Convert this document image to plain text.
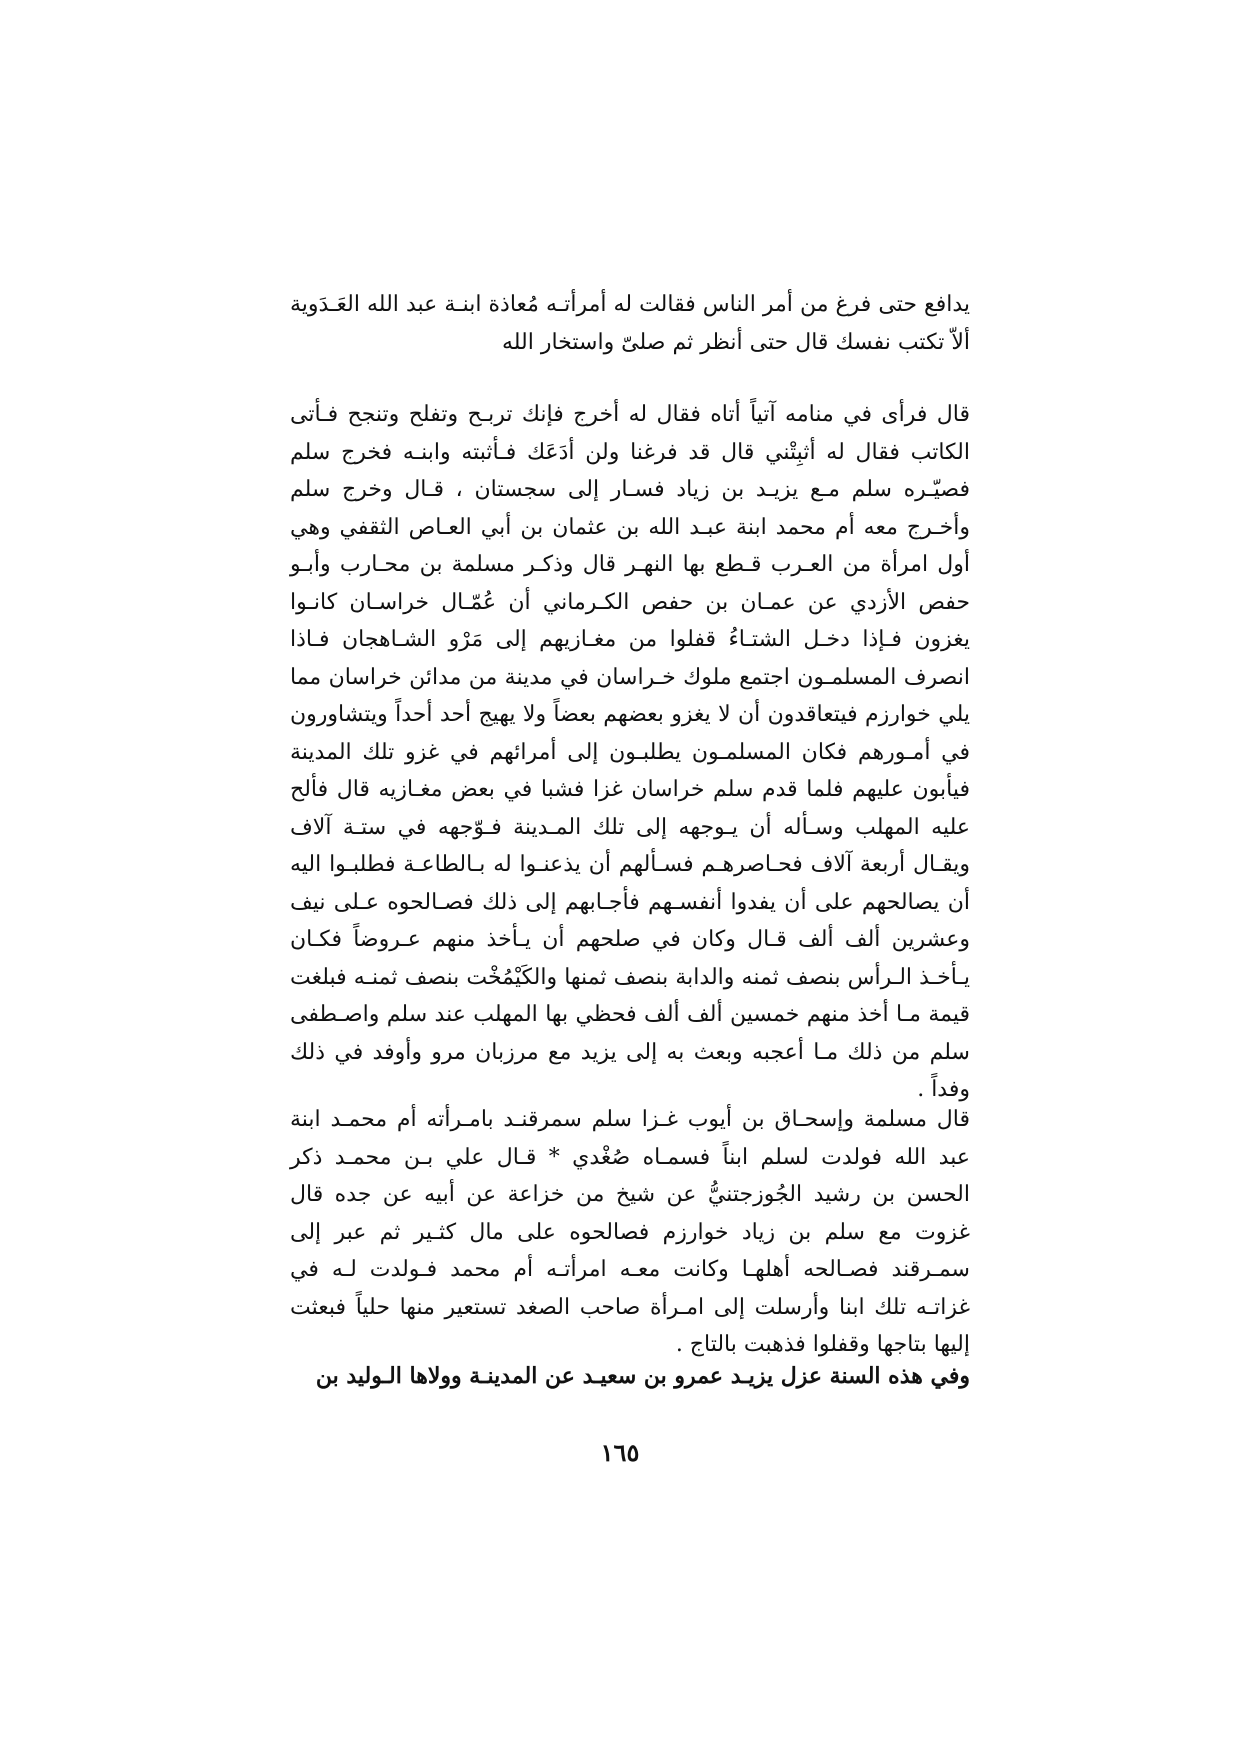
يدافع حتى فرغ من أمر الناس فقالت له أمرأتـه مُعاذة ابنـة عبد الله العَـدَوية ألاّ تكتب نفسك قال حتى أنظر ثم صلىّ واستخار الله

قال فرأى في منامه آتياً أتاه فقال له أخرج فإنك تربـح وتفلح وتنجح فـأتى الكاتب فقال له أثبِتْني قال قد فرغنا ولن أدَعَك فـأثبته وابنـه فخرج سلم فصيّـره سلم مـع يزيـد بن زياد فسـار إلى سجستان ، قـال وخرج سلم وأخـرج معه أم محمد ابنة عبـد الله بن عثمان بن أبي العـاص الثقفي وهي أول امرأة من العـرب قـطع بها النهـر قال وذكـر مسلمة بن محـارب وأبـو حفص الأزدي عن عمـان بن حفص الكـرماني أن عُمّـال خراسـان كانـوا يغزون فـإذا دخـل الشتـاءُ قفلوا من مغـازيهم إلى مَرْو الشـاهجان فـاذا انصرف المسلمـون اجتمع ملوك خـراسان في مدينة من مدائن خراسان مما يلي خوارزم فيتعاقدون أن لا يغزو بعضهم بعضاً ولا يهيج أحد أحداً ويتشاورون في أمـورهم فكان المسلمـون يطلبـون إلى أمرائهم في غزو تلك المدينة فيأبون عليهم فلما قدم سلم خراسان غزا فشبا في بعض مغـازيه قال فألح عليه المهلب وسـأله أن يـوجهه إلى تلك المـدينة فـوّجهه في ستـة آلاف ويقـال أربعة آلاف فحـاصرهـم فسـألهم أن يذعنـوا له بـالطاعـة فطلبـوا اليه أن يصالحهم على أن يفدوا أنفسـهم فأجـابهم إلى ذلك فصـالحوه عـلى نيف وعشرين ألف ألف قـال وكان في صلحهم أن يـأخذ منهم عـروضاً فكـان يـأخـذ الـرأس بنصف ثمنه والدابة بنصف ثمنها والكَيْمُخْت بنصف ثمنـه فبلغت قيمة مـا أخذ منهم خمسين ألف ألف فحظي بها المهلب عند سلم واصـطفى سلم من ذلك مـا أعجبه وبعث به إلى يزيد مع مرزبان مرو وأوفد في ذلك وفداً .

قال مسلمة وإسحـاق بن أيوب غـزا سلم سمرقنـد بامـرأته أم محمـد ابنة عبد الله فولدت لسلم ابناً فسمـاه صُغْدي * قـال علي بـن محمـد ذكر الحسن بن رشيد الجُوزجتنيُّ عن شيخ من خزاعة عن أبيه عن جده قال غزوت مع سلم بن زياد خوارزم فصالحوه على مال كثـير ثم عبر إلى سمـرقند فصـالحه أهلهـا وكانت معـه امرأتـه أم محمد فـولدت لـه في غزاتـه تلك ابنا وأرسلت إلى امـرأة صاحب الصغد تستعير منها حلياً فبعثت إليها بتاجها وقفلوا فذهبت بالتاج .

وفي هذه السنة عزل يزيـد عمرو بن سعيـد عن المدينـة وولاها الـوليد بن

١٦٥
